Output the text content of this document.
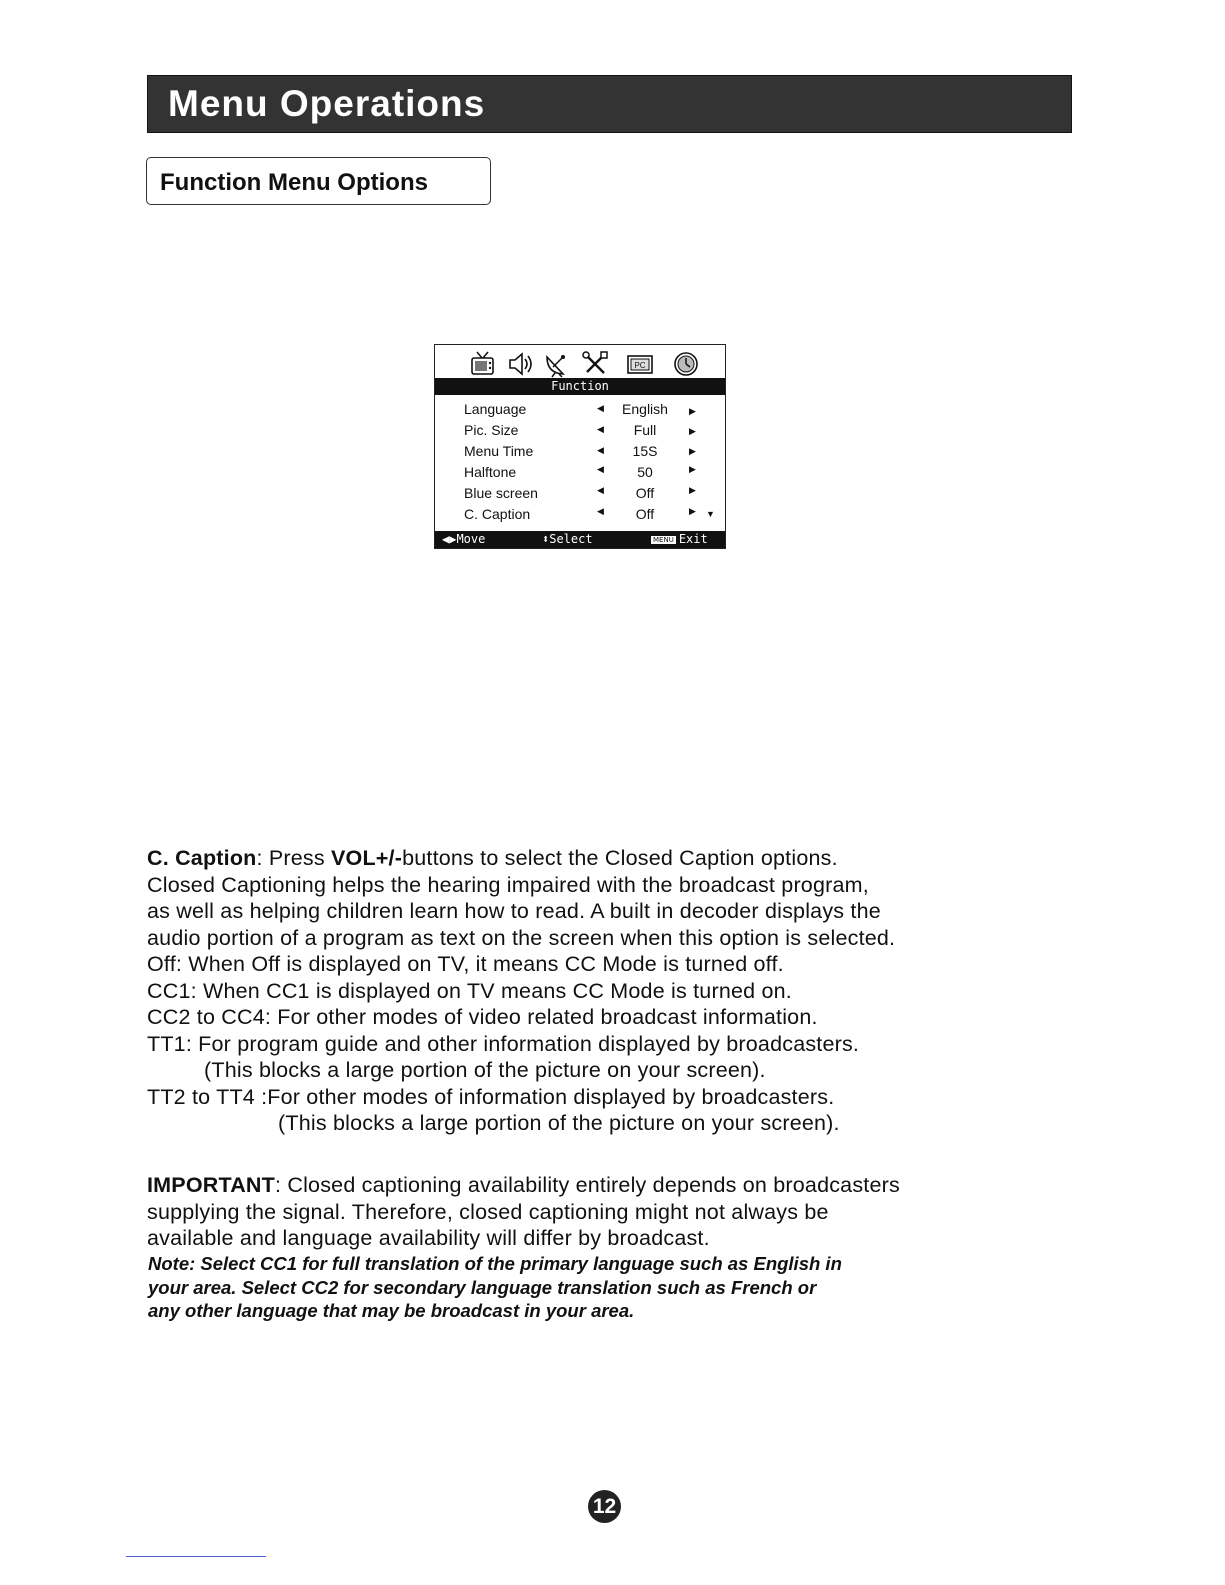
Menu Operations
Function Menu Options
PC
Function
Language	◀	English	▶
Pic. Size	◀	Full	▶
Menu Time	◀	15S	▶
Halftone	◀	50	▶
Blue screen	◀	Off	▶
C. Caption	◀	Off	▶ ▼
◀▶Move	⬍Select	MENU Exit

C. Caption: Press VOL+/-buttons to select the Closed Caption options.

Closed Captioning helps the hearing impaired with the broadcast program,

as well as helping children learn how to read. A built in decoder displays the

audio portion of a program as text on the screen when this option is selected.

Off: When Off is displayed on TV, it means CC Mode is turned off.

CC1: When CC1 is displayed on TV means CC Mode is turned on.

CC2 to CC4: For other modes of video related broadcast information.

TT1: For program guide and other information displayed by broadcasters.

(This blocks a large portion of the picture on your screen).

TT2 to TT4 :For other modes of information displayed by broadcasters.

(This blocks a large portion of the picture on your screen).

IMPORTANT: Closed captioning availability entirely depends on broadcasters

supplying the signal. Therefore, closed captioning might not always be

available and language availability will differ by broadcast.

Note: Select CC1 for full translation of the primary language such as English in

your area. Select CC2 for secondary language translation such as French or

any other language that may be broadcast in your area.

12
